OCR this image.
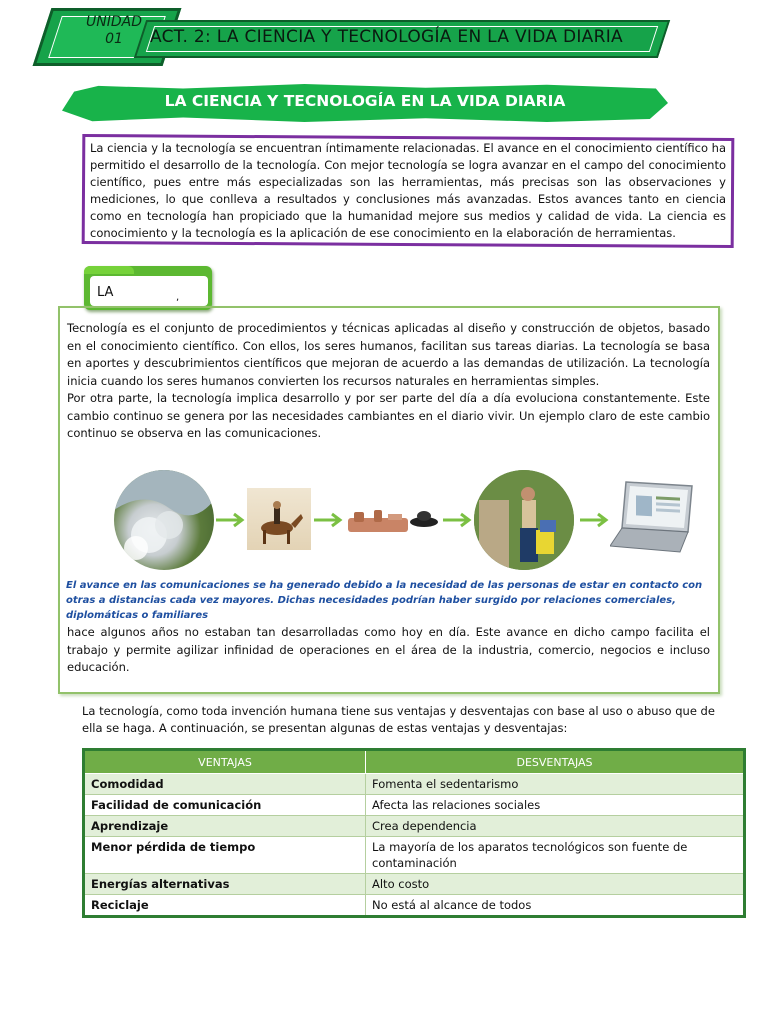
UNIDAD 01	ACT. 2: LA CIENCIA Y TECNOLOGÍA EN LA VIDA DIARIA
LA CIENCIA Y TECNOLOGÍA EN LA VIDA DIARIA
La ciencia y la tecnología se encuentran íntimamente relacionadas. El avance en el conocimiento científico ha permitido el desarrollo de la tecnología. Con mejor tecnología se logra avanzar en el campo del conocimiento científico, pues entre más especializadas son las herramientas, más precisas son las observaciones y mediciones, lo que conlleva a resultados y conclusiones más avanzadas. Estos avances tanto en ciencia como en tecnología han propiciado que la humanidad mejore sus medios y calidad de vida. La ciencia es conocimiento y la tecnología es la aplicación de ese conocimiento en la elaboración de herramientas.
LA	,

Tecnología es el conjunto de procedimientos y técnicas aplicadas al diseño y construcción de objetos, basado en el conocimiento científico. Con ellos, los seres humanos, facilitan sus tareas diarias. La tecnología se basa en aportes y descubrimientos científicos que mejoran de acuerdo a las demandas de utilización. La tecnología inicia cuando los seres humanos convierten los recursos naturales en herramientas simples.

Por otra parte, la tecnología implica desarrollo y por ser parte del día a día evoluciona constantemente. Este cambio continuo se genera por las necesidades cambiantes en el diario vivir. Un ejemplo claro de este cambio continuo se observa en las comunicaciones.

El avance en las comunicaciones se ha generado debido a la necesidad de las personas de estar en contacto con otras a distancias cada vez mayores. Dichas necesidades podrían haber surgido por relaciones comerciales, diplomáticas o familiares
hace algunos años no estaban tan desarrolladas como hoy en día. Este avance en dicho campo facilita el trabajo y permite agilizar infinidad de operaciones en el área de la industria, comercio, negocios e incluso educación.
La tecnología, como toda invención humana tiene sus ventajas y desventajas con base al uso o abuso que de ella se haga. A continuación, se presentan algunas de estas ventajas y desventajas:
VENTAJAS	DESVENTAJAS
Comodidad	Fomenta el sedentarismo
Facilidad de comunicación	Afecta las relaciones sociales
Aprendizaje	Crea dependencia
Menor pérdida de tiempo	La mayoría de los aparatos tecnológicos son fuente de contaminación
Energías alternativas	Alto costo
Reciclaje	No está al alcance de todos
